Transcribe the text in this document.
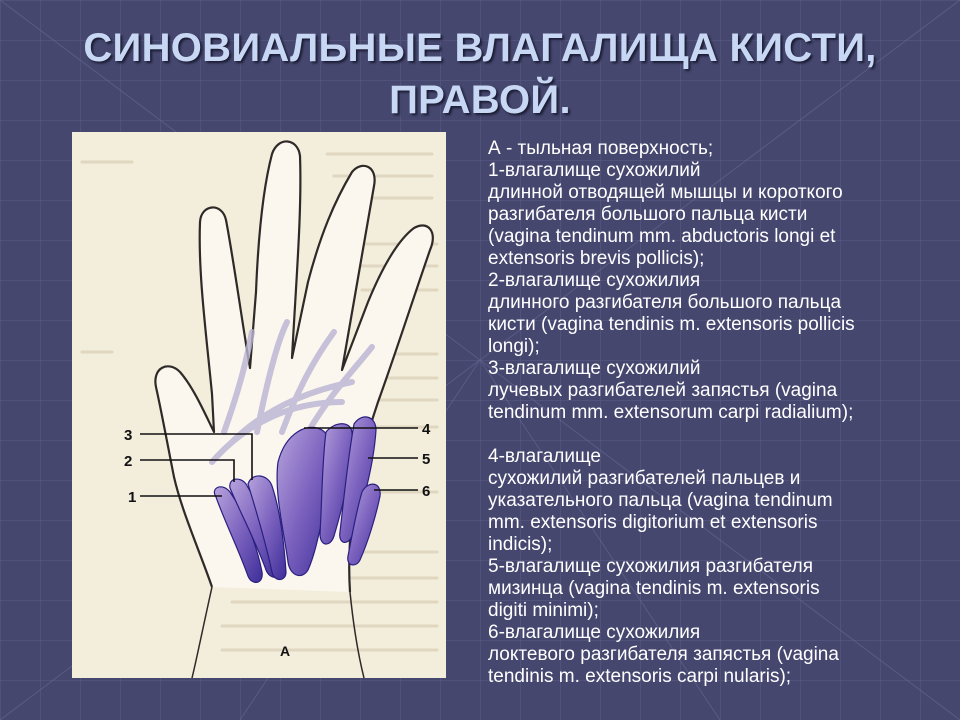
СИНОВИАЛЬНЫЕ ВЛАГАЛИЩА КИСТИ,
ПРАВОЙ.
3
2
1
4
5
6
A

А - тыльная поверхность;

1-влагалище сухожилий
длинной отводящей мышцы и короткого
разгибателя большого пальца кисти
(vagina tendinum mm. abductoris longi et
extensoris brevis pollicis);

2-влагалище сухожилия
длинного разгибателя большого пальца
кисти (vagina tendinis m. extensoris pollicis
longi);

3-влагалище сухожилий
лучевых разгибателей запястья (vagina
tendinum mm. extensorum carpi radialium);

4-влагалище
сухожилий разгибателей пальцев и
указательного пальца (vagina tendinum
mm. extensoris digitorium et extensoris
indicis);

5-влагалище сухожилия разгибателя
мизинца (vagina tendinis m. extensoris
digiti minimi);

6-влагалище сухожилия
локтевого разгибателя запястья (vagina
tendinis m. extensoris carpi nularis);
